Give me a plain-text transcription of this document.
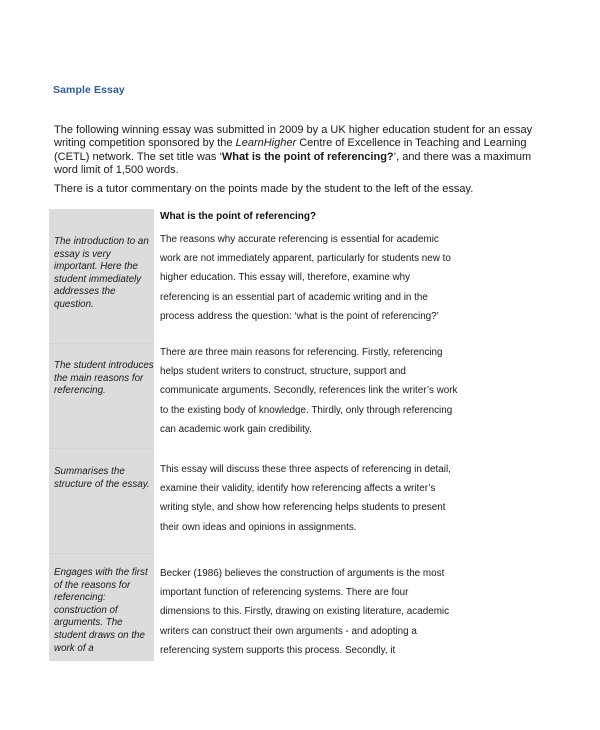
Sample Essay

The following winning essay was submitted in 2009 by a UK higher education student for an essay writing competition sponsored by the LearnHigher Centre of Excellence in Teaching and Learning (CETL) network. The set title was ‘What is the point of referencing?’, and there was a maximum word limit of 1,500 words.

There is a tutor commentary on the points made by the student to the left of the essay.

What is the point of referencing?

The introduction to an essay is very important. Here the student immediately addresses the question.

The reasons why accurate referencing is essential for academic work are not immediately apparent, particularly for students new to higher education. This essay will, therefore, examine why referencing is an essential part of academic writing and in the process address the question: ‘what is the point of referencing?’

The student introduces the main reasons for referencing.

There are three main reasons for referencing. Firstly, referencing helps student writers to construct, structure, support and communicate arguments. Secondly, references link the writer’s work to the existing body of knowledge. Thirdly, only through referencing can academic work gain credibility.

Summarises the structure of the essay.

This essay will discuss these three aspects of referencing in detail, examine their validity, identify how referencing affects a writer’s writing style, and show how referencing helps students to present their own ideas and opinions in assignments.

Engages with the first of the reasons for referencing: construction of arguments. The student draws on the work of a

Becker (1986) believes the construction of arguments is the most important function of referencing systems. There are four dimensions to this. Firstly, drawing on existing literature, academic writers can construct their own arguments - and adopting a referencing system supports this process. Secondly, it
